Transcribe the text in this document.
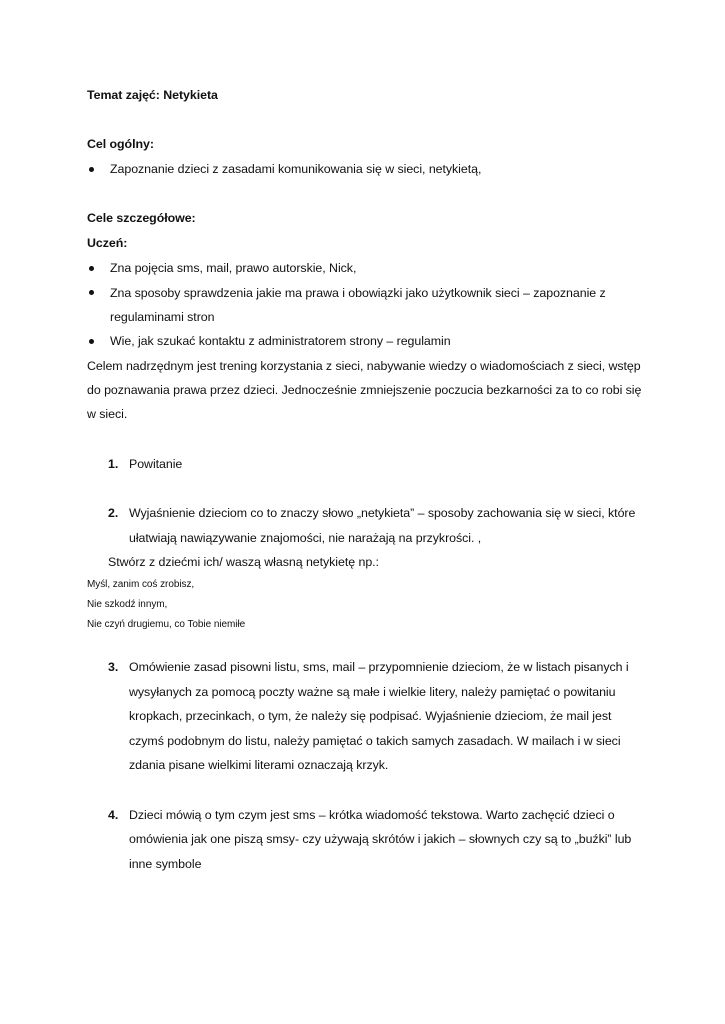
Temat zajęć: Netykieta
Cel ogólny:
Zapoznanie dzieci z zasadami komunikowania się w sieci, netykietą,
Cele szczegółowe:
Uczeń:
Zna pojęcia sms, mail, prawo autorskie, Nick,
Zna sposoby sprawdzenia jakie ma prawa i obowiązki jako użytkownik sieci – zapoznanie z
regulaminami stron
Wie, jak szukać kontaktu z administratorem strony – regulamin
Celem nadrzędnym jest trening korzystania z sieci, nabywanie wiedzy o wiadomościach z sieci, wstęp
do poznawania prawa przez dzieci. Jednocześnie zmniejszenie poczucia bezkarności za to co robi się
w sieci.
1. Powitanie
2. Wyjaśnienie dzieciom co to znaczy słowo „netykieta” – sposoby zachowania się w sieci, które
ułatwiają nawiązywanie znajomości, nie narażają na przykrości. ,
Stwórz z dziećmi ich/ waszą własną netykietę np.:
Myśl, zanim coś zrobisz,
Nie szkodź innym,
Nie czyń drugiemu, co Tobie niemiłe
3. Omówienie zasad pisowni listu, sms, mail – przypomnienie dzieciom, że w listach pisanych i
wysyłanych za pomocą poczty ważne są małe i wielkie litery, należy pamiętać o powitaniu
kropkach, przecinkach, o tym, że należy się podpisać. Wyjaśnienie dzieciom, że mail jest
czymś podobnym do listu, należy pamiętać o takich samych zasadach. W mailach i w sieci
zdania pisane wielkimi literami oznaczają krzyk.
4. Dzieci mówią o tym czym jest sms – krótka wiadomość tekstowa. Warto zachęcić dzieci o
omówienia jak one piszą smsy- czy używają skrótów i jakich – słownych czy są to „buźki” lub
inne symbole
